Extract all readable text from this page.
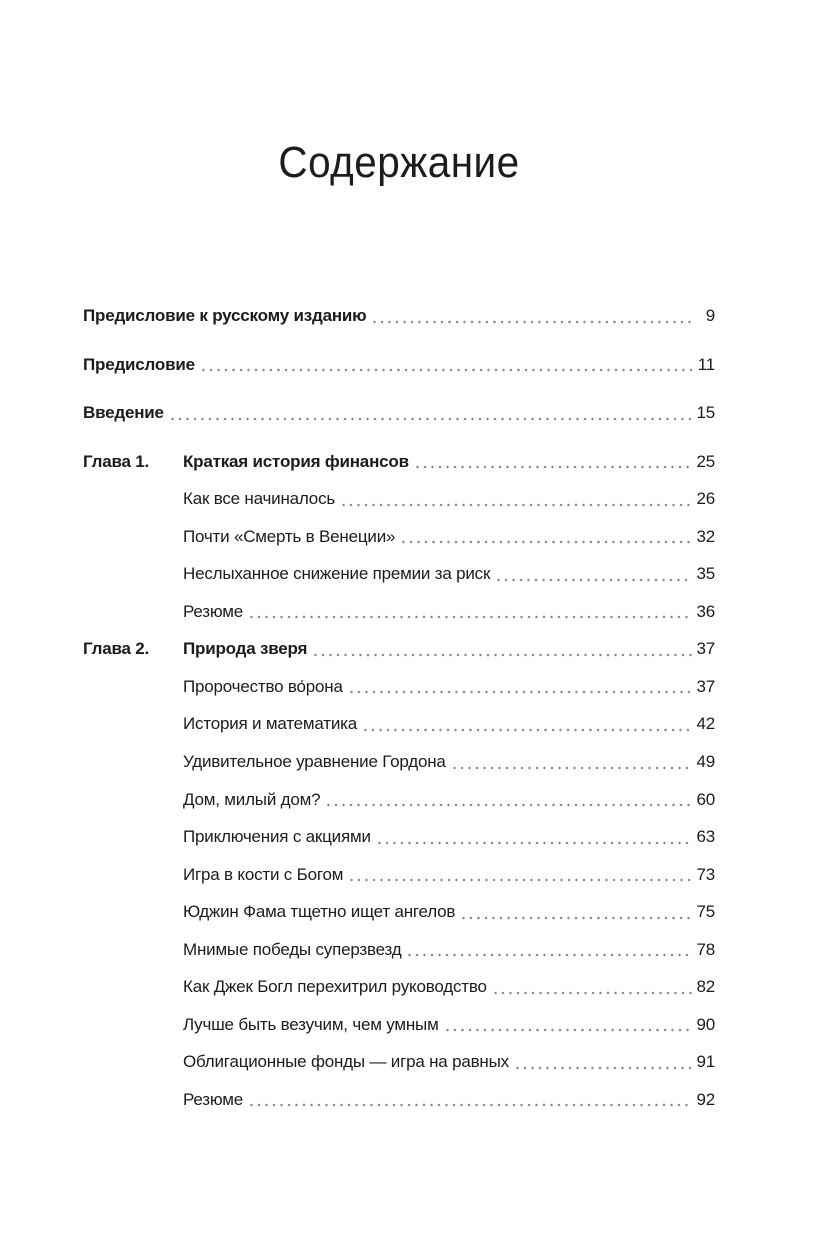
Содержание
Предисловие к русскому изданию	9
Предисловие	11
Введение	15
Глава 1.	Краткая история финансов	25
Как все начиналось	26
Почти «Смерть в Венеции»	32
Неслыханное снижение премии за риск	35
Резюме	36
Глава 2.	Природа зверя	37
Пророчество во́рона	37
История и математика	42
Удивительное уравнение Гордона	49
Дом, милый дом?	60
Приключения с акциями	63
Игра в кости с Богом	73
Юджин Фама тщетно ищет ангелов	75
Мнимые победы суперзвезд	78
Как Джек Богл перехитрил руководство	82
Лучше быть везучим, чем умным	90
Облигационные фонды — игра на равных	91
Резюме	92
